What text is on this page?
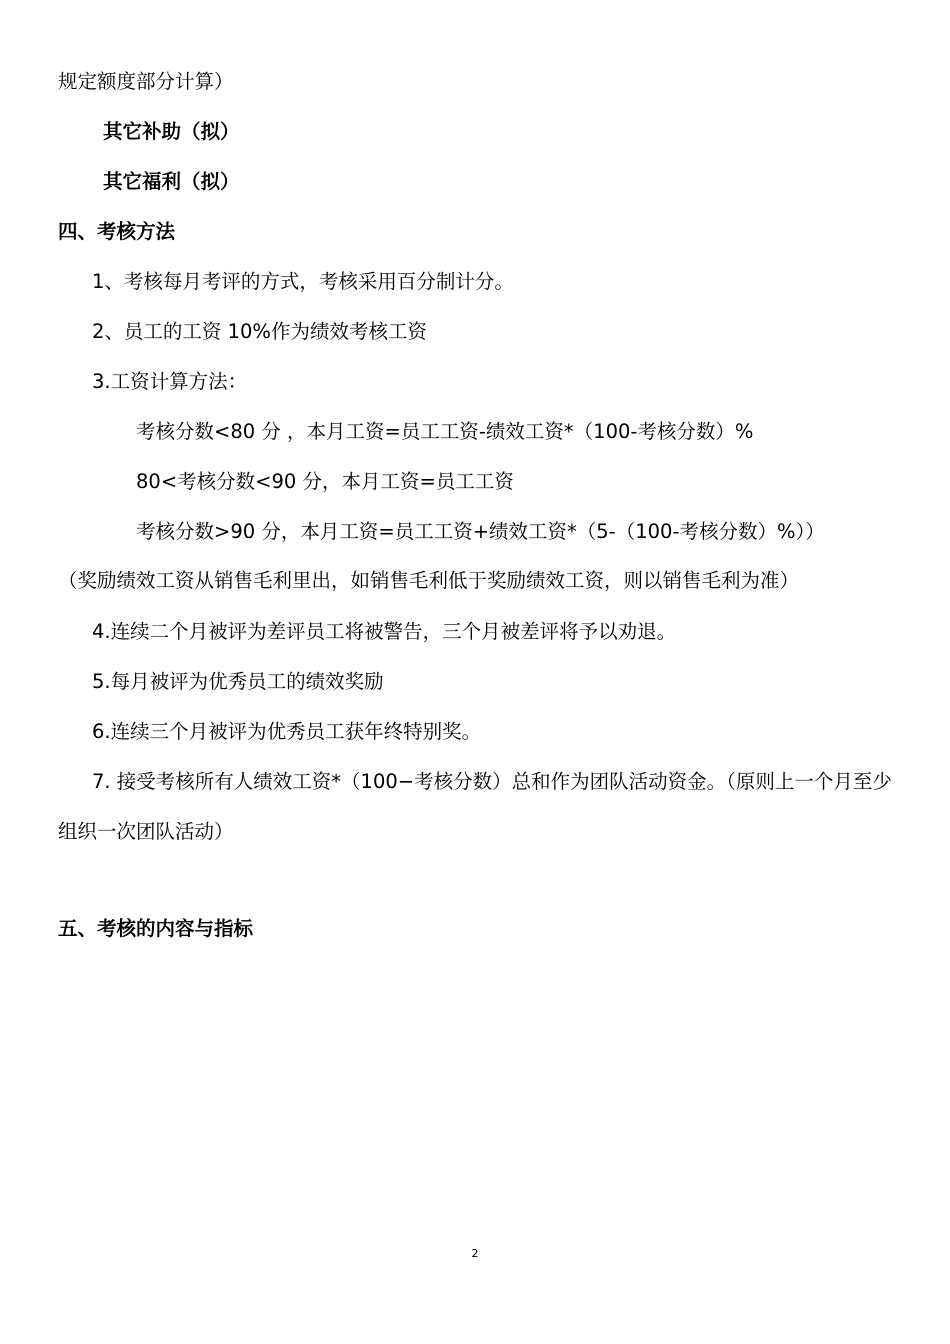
规定额度部分计算）

其它补助（拟）

其它福利（拟）

四、考核方法

1、考核每月考评的方式，考核采用百分制计分。

2、员工的工资 10%作为绩效考核工资

3.工资计算方法：

考核分数<80 分 ，本月工资=员工工资-绩效工资*（100-考核分数）%

80<考核分数<90 分，本月工资=员工工资

考核分数>90 分，本月工资=员工工资+绩效工资*（5-（100-考核分数）%））

（奖励绩效工资从销售毛利里出，如销售毛利低于奖励绩效工资，则以销售毛利为准）

4.连续二个月被评为差评员工将被警告，三个月被差评将予以劝退。

5.每月被评为优秀员工的绩效奖励

6.连续三个月被评为优秀员工获年终特别奖。

7. 接受考核所有人绩效工资*（100−考核分数）总和作为团队活动资金。（原则上一个月至少组织一次团队活动）

五、考核的内容与指标

2
